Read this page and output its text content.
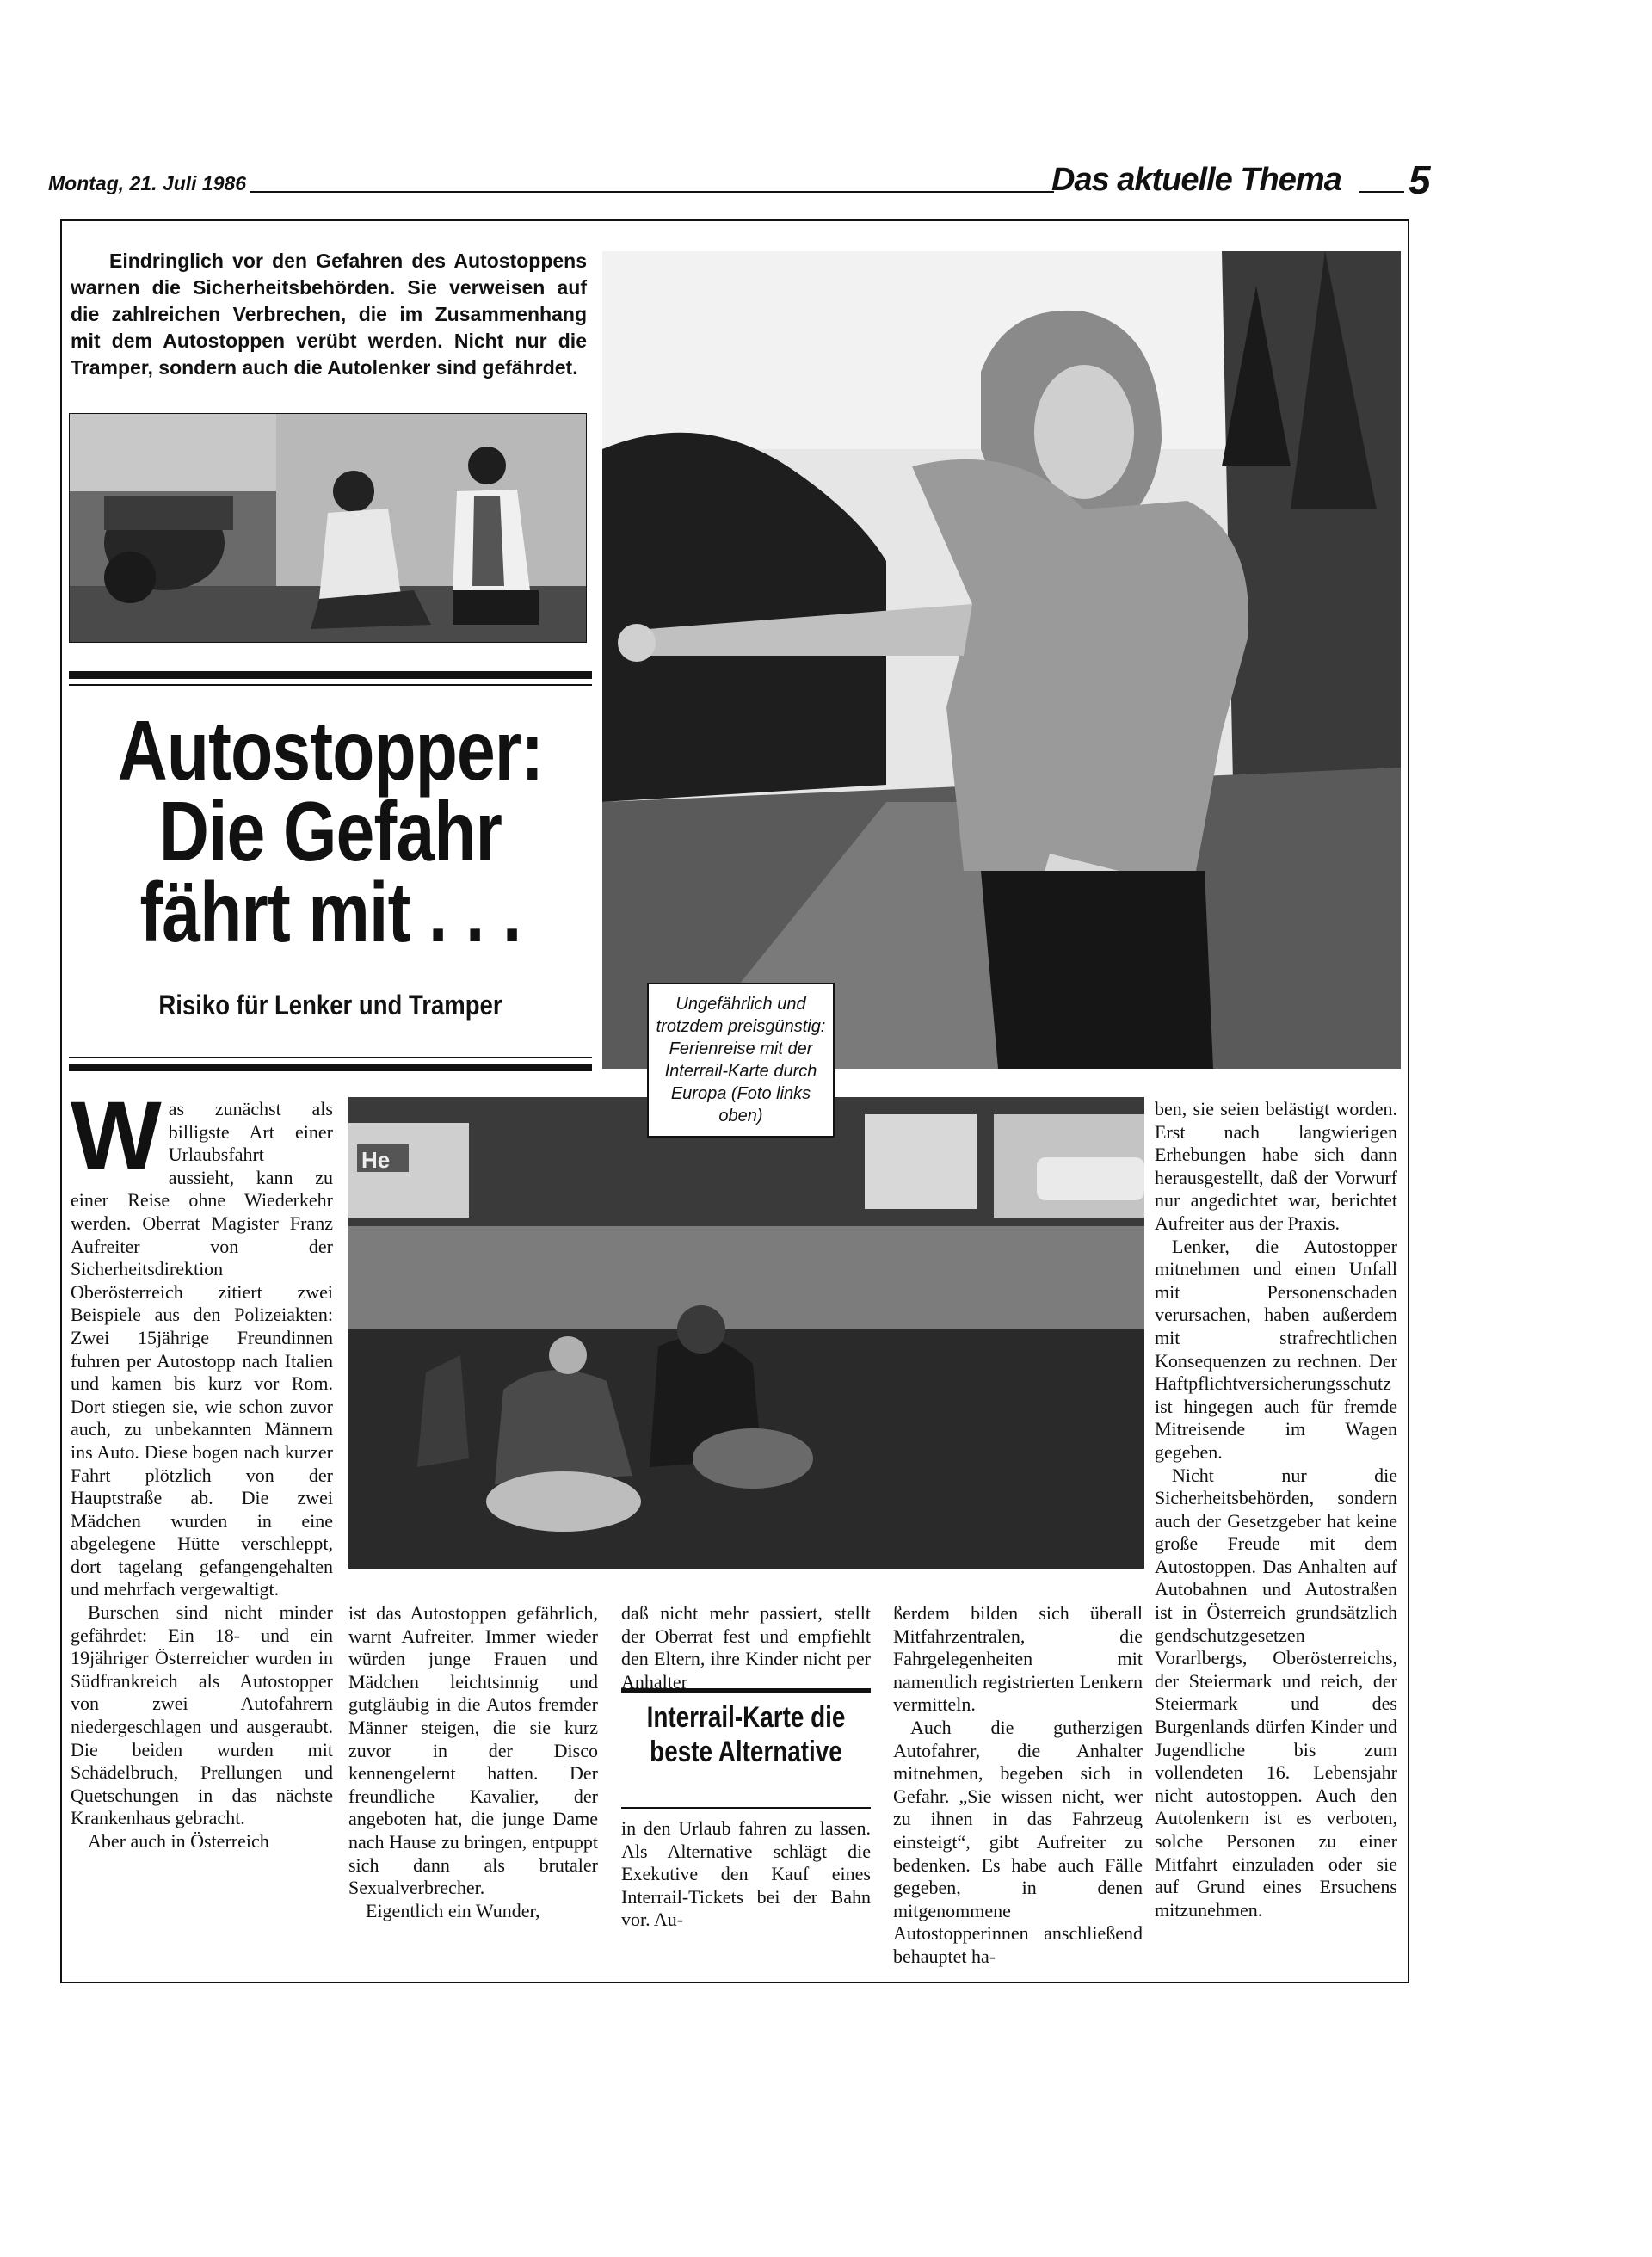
Montag, 21. Juli 1986	Das aktuelle Thema 5
Eindringlich vor den Gefahren des Autostoppens warnen die Sicherheitsbehörden. Sie verweisen auf die zahlreichen Verbrechen, die im Zusammenhang mit dem Autostoppen verübt werden. Nicht nur die Tramper, sondern auch die Autolenker sind gefährdet.
Autostopper:
Die Gefahr
fährt mit . . .
Risiko für Lenker und Tramper
He
Ungefährlich und trotzdem preisgünstig: Ferienreise mit der Interrail-Karte durch Europa (Foto links oben)
W as zunächst als billigste Art einer Urlaubsfahrt aussieht, kann zu einer Reise ohne Wiederkehr werden. Oberrat Magister Franz Aufreiter von der Sicherheitsdirektion Oberösterreich zitiert zwei Beispiele aus den Polizeiakten: Zwei 15jährige Freundinnen fuhren per Autostopp nach Italien und kamen bis kurz vor Rom. Dort stiegen sie, wie schon zuvor auch, zu unbekannten Männern ins Auto. Diese bogen nach kurzer Fahrt plötzlich von der Hauptstraße ab. Die zwei Mädchen wurden in eine abgelegene Hütte verschleppt, dort tagelang gefangengehalten und mehrfach vergewaltigt.

Burschen sind nicht minder gefährdet: Ein 18- und ein 19jähriger Österreicher wurden in Südfrankreich als Autostopper von zwei Autofahrern niedergeschlagen und ausgeraubt. Die beiden wurden mit Schädelbruch, Prellungen und Quetschungen in das nächste Krankenhaus gebracht.

Aber auch in Österreich

ist das Autostoppen gefährlich, warnt Aufreiter. Immer wieder würden junge Frauen und Mädchen leichtsinnig und gutgläubig in die Autos fremder Männer steigen, die sie kurz zuvor in der Disco kennengelernt hatten. Der freundliche Kavalier, der angeboten hat, die junge Dame nach Hause zu bringen, entpuppt sich dann als brutaler Sexualverbrecher.

Eigentlich ein Wunder,

daß nicht mehr passiert, stellt der Oberrat fest und empfiehlt den Eltern, ihre Kinder nicht per Anhalter

Interrail-Karte die beste Alternative

in den Urlaub fahren zu lassen. Als Alternative schlägt die Exekutive den Kauf eines Interrail-Tickets bei der Bahn vor. Au-

ßerdem bilden sich überall Mitfahrzentralen, die Fahrgelegenheiten mit namentlich registrierten Lenkern vermitteln.

Auch die gutherzigen Autofahrer, die Anhalter mitnehmen, begeben sich in Gefahr. „Sie wissen nicht, wer zu ihnen in das Fahrzeug einsteigt“, gibt Aufreiter zu bedenken. Es habe auch Fälle gegeben, in denen mitgenommene Autostopperinnen anschließend behauptet ha-

ben, sie seien belästigt worden. Erst nach langwierigen Erhebungen habe sich dann herausgestellt, daß der Vorwurf nur angedichtet war, berichtet Aufreiter aus der Praxis.

Lenker, die Autostopper mitnehmen und einen Unfall mit Personenschaden verursachen, haben außerdem mit strafrechtlichen Konsequenzen zu rechnen. Der Haftpflichtversicherungsschutz ist hingegen auch für fremde Mitreisende im Wagen gegeben.

Nicht nur die Sicherheitsbehörden, sondern auch der Gesetzgeber hat keine große Freude mit dem Autostoppen. Das Anhalten auf Autobahnen und Autostraßen ist in Österreich grundsätzlich gendschutzgesetzen Vorarlbergs, Oberösterreichs, der Steiermark und reich, der Steiermark und des Burgenlands dürfen Kinder und Jugendliche bis zum vollendeten 16. Lebensjahr nicht autostoppen. Auch den Autolenkern ist es verboten, solche Personen zu einer Mitfahrt einzuladen oder sie auf Grund eines Ersuchens mitzunehmen.
